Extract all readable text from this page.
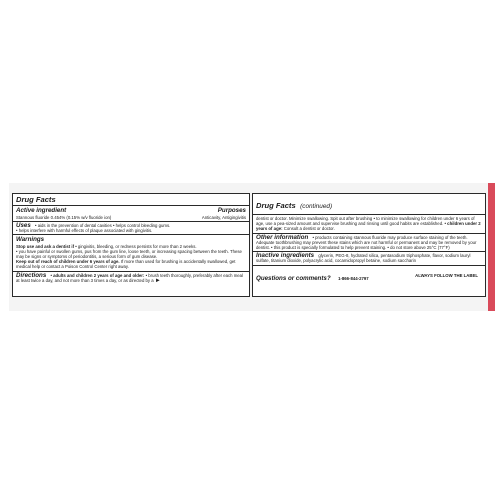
Drug Facts
Active ingredient	Purposes
Stannous fluoride 0.454% (0.15% w/v fluoride ion)	Anticavity, Antigingivitis
Uses • aids in the prevention of dental cavities • helps control bleeding gums.
• helps interfere with harmful effects of plaque associated with gingivitis.
Warnings
Stop use and ask a dentist if • gingivitis, bleeding, or redness persists for more than 2 weeks.
• you have painful or swollen gums, pus from the gum line, loose teeth, or increasing spacing between the teeth. These may be signs or symptoms of periodontitis, a serious form of gum disease.
Keep out of reach of children under 6 years of age. If more than used for brushing is accidentally swallowed, get medical help or contact a Poison Control Center right away.
Directions • adults and children 2 years of age and older: • brush teeth thoroughly, preferably after each meal at least twice a day, and not more than 3 times a day, or as directed by a ►
Drug Facts (continued)
dentist or doctor. Minimize swallowing. Spit out after brushing • to minimize swallowing for children under 6 years of age, use a pea-sized amount and supervise brushing and rinsing until good habits are established. • children under 2 years of age: Consult a dentist or doctor.
Other information • products containing stannous fluoride may produce surface staining of the teeth. Adequate toothbrushing may prevent these stains which are not harmful or permanent and may be removed by your dentist. • this product is specially formulated to help prevent staining. • do not store above 25°C (77°F)
Inactive ingredients glycerin, PEG-8, hydrated silica, pentasodium triphosphate, flavor, sodium lauryl sulfate, titanium dioxide, polyacrylic acid, cocamidopropyl betaine, sodium saccharin
Questions or comments? 1-866-844-2797
ALWAYS FOLLOW THE LABEL
